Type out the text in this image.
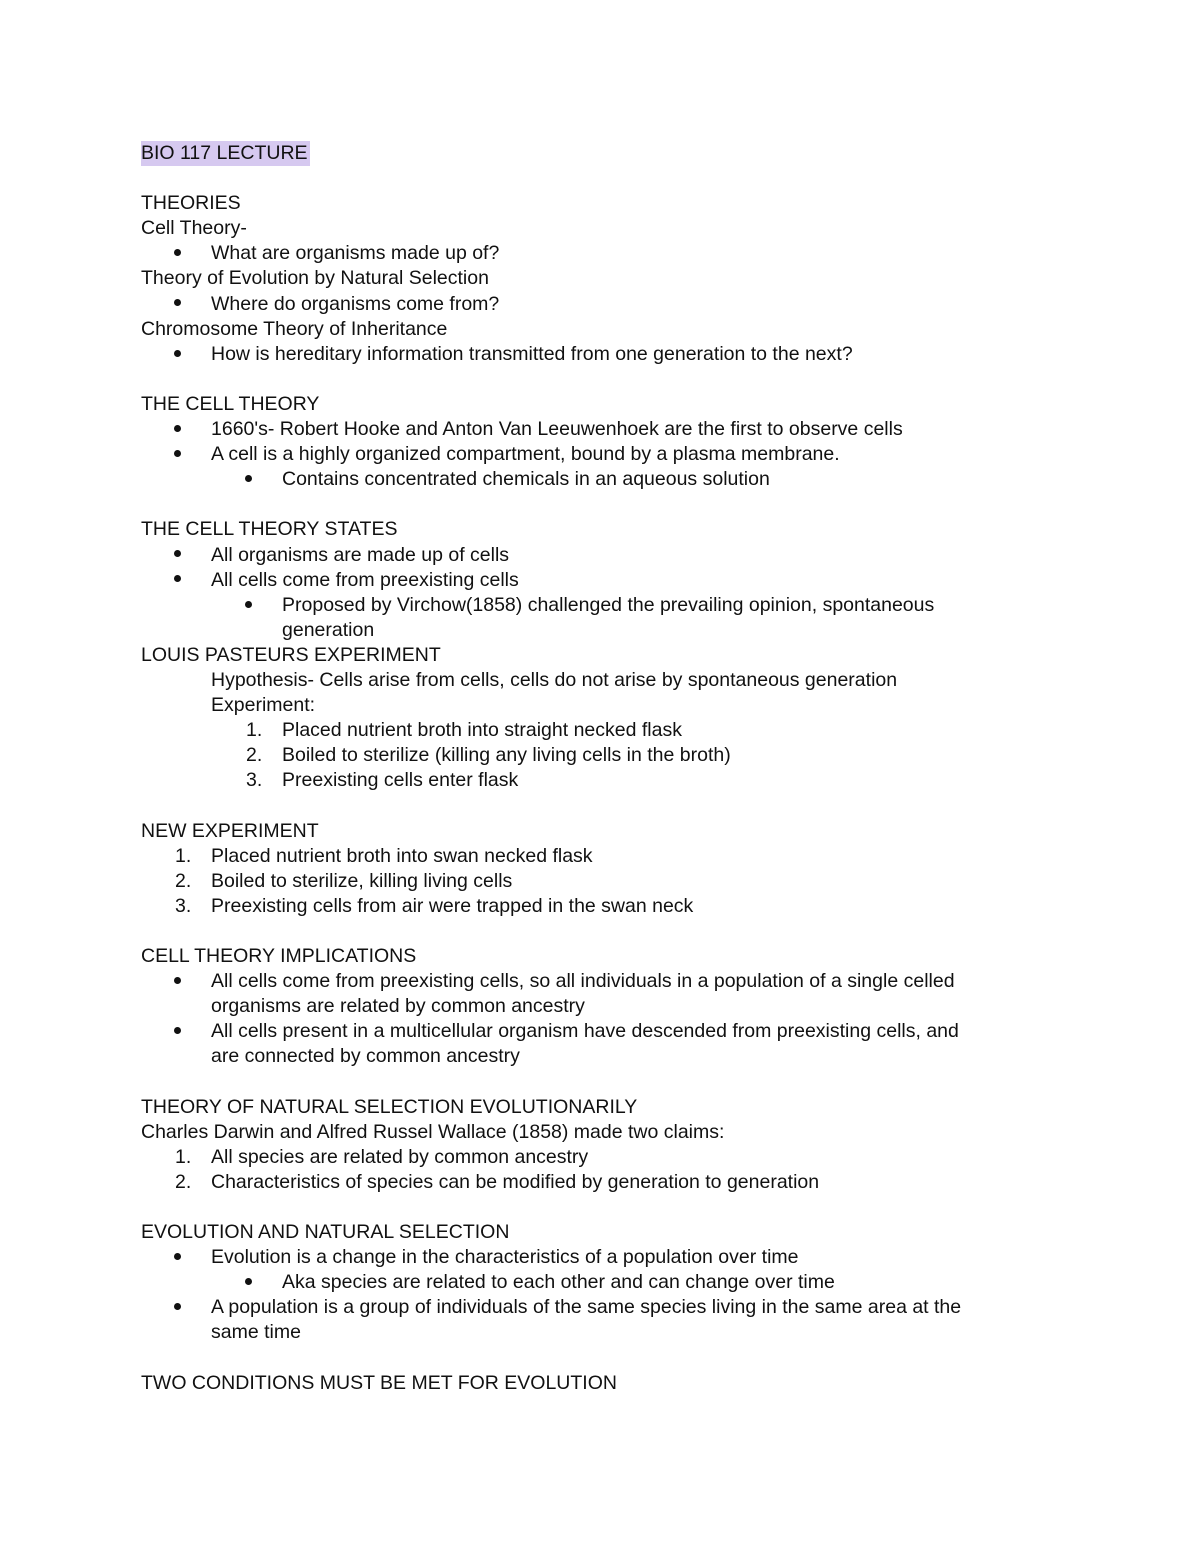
BIO 117 LECTURE
THEORIES
Cell Theory-
What are organisms made up of?
Theory of Evolution by Natural Selection
Where do organisms come from?
Chromosome Theory of Inheritance
How is hereditary information transmitted from one generation to the next?
THE CELL THEORY
1660's- Robert Hooke and Anton Van Leeuwenhoek are the first to observe cells
A cell is a highly organized compartment, bound by a plasma membrane.
Contains concentrated chemicals in an aqueous solution
THE CELL THEORY STATES
All organisms are made up of cells
All cells come from preexisting cells
Proposed by Virchow(1858) challenged the prevailing opinion, spontaneous
generation
LOUIS PASTEURS EXPERIMENT
Hypothesis- Cells arise from cells, cells do not arise by spontaneous generation
Experiment:
1. Placed nutrient broth into straight necked flask
2. Boiled to sterilize (killing any living cells in the broth)
3. Preexisting cells enter flask
NEW EXPERIMENT
1. Placed nutrient broth into swan necked flask
2. Boiled to sterilize, killing living cells
3. Preexisting cells from air were trapped in the swan neck
CELL THEORY IMPLICATIONS
All cells come from preexisting cells, so all individuals in a population of a single celled
organisms are related by common ancestry
All cells present in a multicellular organism have descended from preexisting cells, and
are connected by common ancestry
THEORY OF NATURAL SELECTION EVOLUTIONARILY
Charles Darwin and Alfred Russel Wallace (1858) made two claims:
1. All species are related by common ancestry
2. Characteristics of species can be modified by generation to generation
EVOLUTION AND NATURAL SELECTION
Evolution is a change in the characteristics of a population over time
Aka species are related to each other and can change over time
A population is a group of individuals of the same species living in the same area at the
same time
TWO CONDITIONS MUST BE MET FOR EVOLUTION
